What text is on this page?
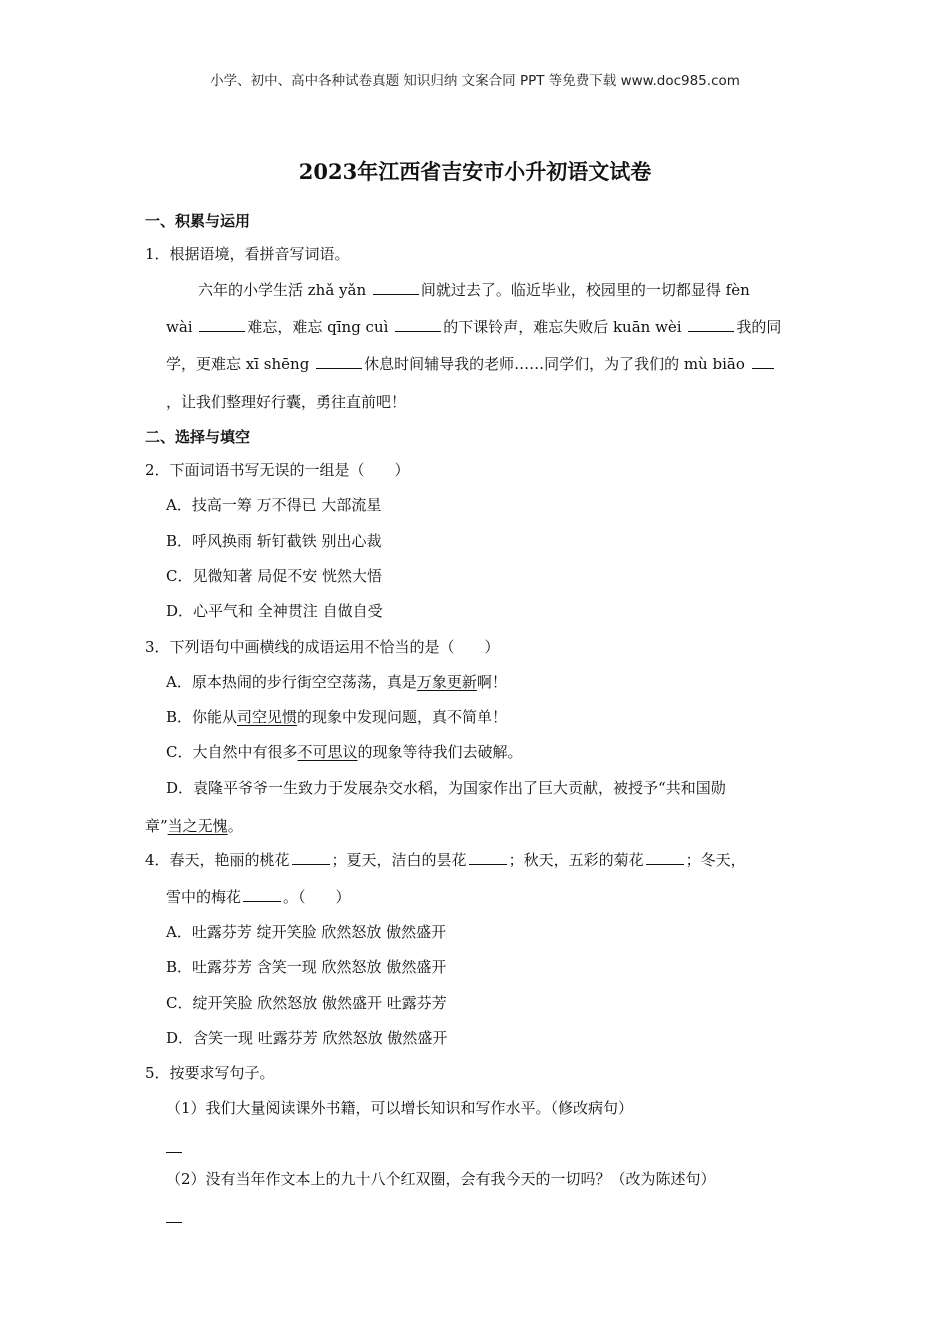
小学、初中、高中各种试卷真题 知识归纳 文案合同 PPT 等免费下载 www.doc985.com
2023年江西省吉安市小升初语文试卷
一、积累与运用
1．根据语境，看拼音写词语。
六年的小学生活 zhǎ yǎn	间就过去了。临近毕业，校园里的一切都显得 fèn
wài	难忘，难忘 qīng cuì	的下课铃声，难忘失败后 kuān wèi	我的同
学，更难忘 xī shēng	休息时间辅导我的老师……同学们，为了我们的 mù biāo
，让我们整理好行囊，勇往直前吧！
二、选择与填空
2．下面词语书写无误的一组是（　　）
A．技高一筹 万不得已 大部流星
B．呼风换雨 斩钉截铁 别出心裁
C．见微知著 局促不安 恍然大悟
D．心平气和 全神贯注 自做自受
3．下列语句中画横线的成语运用不恰当的是（　　）
A．原本热闹的步行街空空荡荡，真是万象更新啊！
B．你能从司空见惯的现象中发现问题，真不简单！
C．大自然中有很多不可思议的现象等待我们去破解。
D．袁隆平爷爷一生致力于发展杂交水稻，为国家作出了巨大贡献，被授予“共和国勋
章”当之无愧。
4．春天，艳丽的桃花	；夏天，洁白的昙花	；秋天，五彩的菊花	；冬天，
雪中的梅花	。（　　）
A．吐露芬芳 绽开笑脸 欣然怒放 傲然盛开
B．吐露芬芳 含笑一现 欣然怒放 傲然盛开
C．绽开笑脸 欣然怒放 傲然盛开 吐露芬芳
D．含笑一现 吐露芬芳 欣然怒放 傲然盛开
5．按要求写句子。
（1）我们大量阅读课外书籍，可以增长知识和写作水平。（修改病句）
（2）没有当年作文本上的九十八个红双圈，会有我今天的一切吗？（改为陈述句）
